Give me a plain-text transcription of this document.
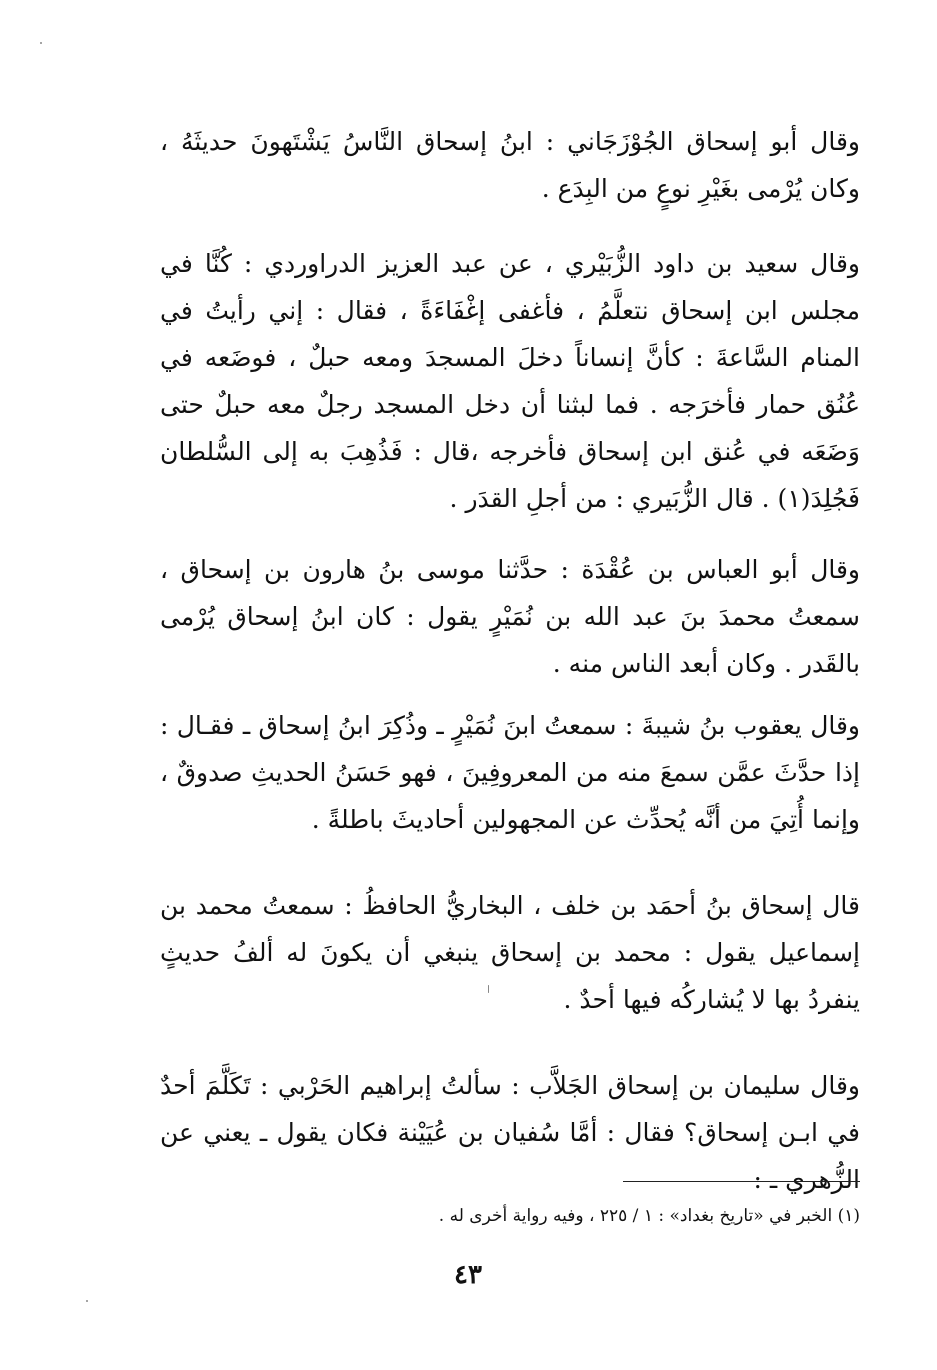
وقال أبو إسحاق الجُوْزَجَاني : ابنُ إسحاق النَّاسُ يَشْتَهونَ حديثَهُ ، وكان يُرْمى بغَيْرِ نوعٍ من البِدَع .

وقال سعيد بن داود الزُّبَيْري ، عن عبد العزيز الدراوردي : كُنَّا في مجلس ابن إسحاق نتعلَّمُ ، فأغفى إغْفَاءَةً ، فقال : إني رأيتُ في المنام السَّاعةَ : كأنَّ إنساناً دخلَ المسجدَ ومعه حبلٌ ، فوضَعه في عُنُق حمار فأخرَجه . فما لبثنا أن دخل المسجد رجلٌ معه حبلٌ حتى وَضَعَه في عُنق ابن إسحاق فأخرجه ،قال : فَذُهِبَ به إلى السُّلطان فَجُلِدَ(١) . قال الزُّبَيري : من أجلِ القدَر .

وقال أبو العباس بن عُقْدَة : حدَّثنا موسى بنُ هارون بن إسحاق ، سمعتُ محمدَ بنَ عبد الله بن نُمَيْرٍ يقول : كان ابنُ إسحاق يُرْمى بالقَدر . وكان أبعد الناس منه .

وقال يعقوب بنُ شيبةَ : سمعتُ ابنَ نُمَيْرٍ ـ وذُكِرَ ابنُ إسحاق ـ فقـال : إذا حدَّثَ عمَّن سمعَ منه من المعروفِينَ ، فهو حَسَنُ الحديثِ صدوقٌ ، وإنما أُتِيَ من أنَّه يُحدِّث عن المجهولين أحاديثَ باطلةً .

قال إسحاق بنُ أحمَد بن خلف ، البخاريُّ الحافظُ : سمعتُ محمد بن إسماعيل يقول : محمد بن إسحاق ينبغي أن يكونَ له ألفُ حديثٍ ينفردُ بها لا يُشاركُه فيها أحدٌ .

وقال سليمان بن إسحاق الجَلاَّب : سألتُ إبراهيم الحَرْبي : تَكَلَّمَ أحدٌ في ابـن إسحاق؟ فقال : أمَّا سُفيان بن عُيَيْنة فكان يقول ـ يعني عن الزُّهري ـ :

(١) الخبر في «تاريخ بغداد» : ١ / ٢٢٥ ، وفيه رواية أخرى له .
٤٣
